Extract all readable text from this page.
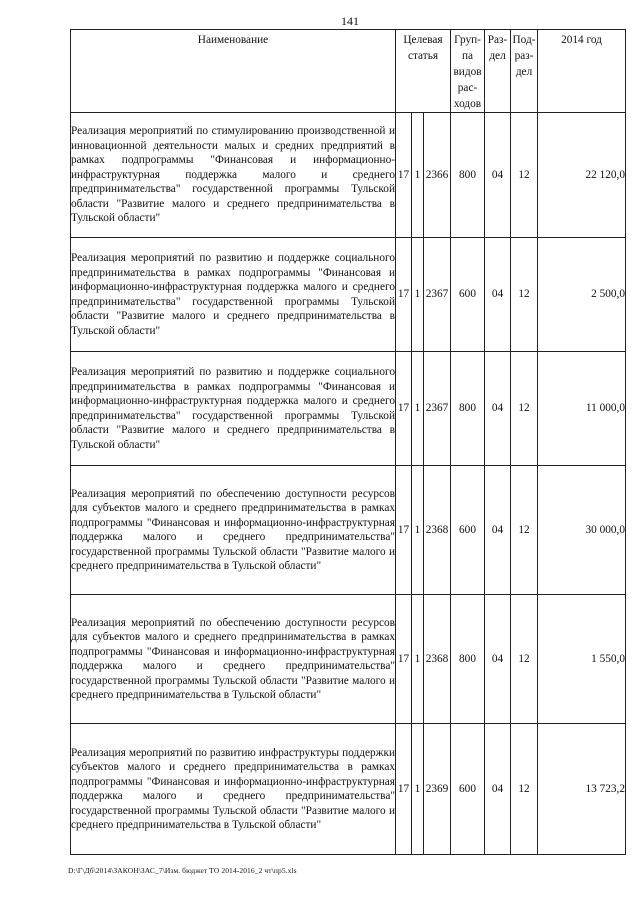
141
Наименование	Целевая статья			Груп- па видов рас- ходов	Раз- дел	Под- раз- дел	2014 год
Реализация мероприятий по стимулированию производственной и инновационной деятельности малых и средних предприятий в рамках подпрограммы "Финансовая и информационно-инфраструктурная поддержка малого и среднего предпринимательства" государственной программы Тульской области "Развитие малого и среднего предпринимательства в Тульской области"	17	1	2366	800	04	12	22 120,0
Реализация мероприятий по развитию и поддержке социального предпринимательства в рамках подпрограммы "Финансовая и информационно-инфраструктурная поддержка малого и среднего предпринимательства" государственной программы Тульской области "Развитие малого и среднего предпринимательства в Тульской области"	17	1	2367	600	04	12	2 500,0
Реализация мероприятий по развитию и поддержке социального предпринимательства в рамках подпрограммы "Финансовая и информационно-инфраструктурная поддержка малого и среднего предпринимательства" государственной программы Тульской области "Развитие малого и среднего предпринимательства в Тульской области"	17	1	2367	800	04	12	11 000,0
Реализация мероприятий по обеспечению доступности ресурсов для субъектов малого и среднего предпринимательства в рамках подпрограммы "Финансовая и информационно-инфраструктурная поддержка малого и среднего предпринимательства" государственной программы Тульской области "Развитие малого и среднего предпринимательства в Тульской области"	17	1	2368	600	04	12	30 000,0
Реализация мероприятий по обеспечению доступности ресурсов для субъектов малого и среднего предпринимательства в рамках подпрограммы "Финансовая и информационно-инфраструктурная поддержка малого и среднего предпринимательства" государственной программы Тульской области "Развитие малого и среднего предпринимательства в Тульской области"	17	1	2368	800	04	12	1 550,0
Реализация мероприятий по развитию инфраструктуры поддержки субъектов малого и среднего предпринимательства в рамках подпрограммы "Финансовая и информационно-инфраструктурная поддержка малого и среднего предпринимательства" государственной программы Тульской области "Развитие малого и среднего предпринимательства в Тульской области"	17	1	2369	600	04	12	13 723,2
D:\Г\Дб\2014\ЗАКОН\ЗАС_7\Изм. бюджет ТО 2014-2016_2 чт\пр5.xls
